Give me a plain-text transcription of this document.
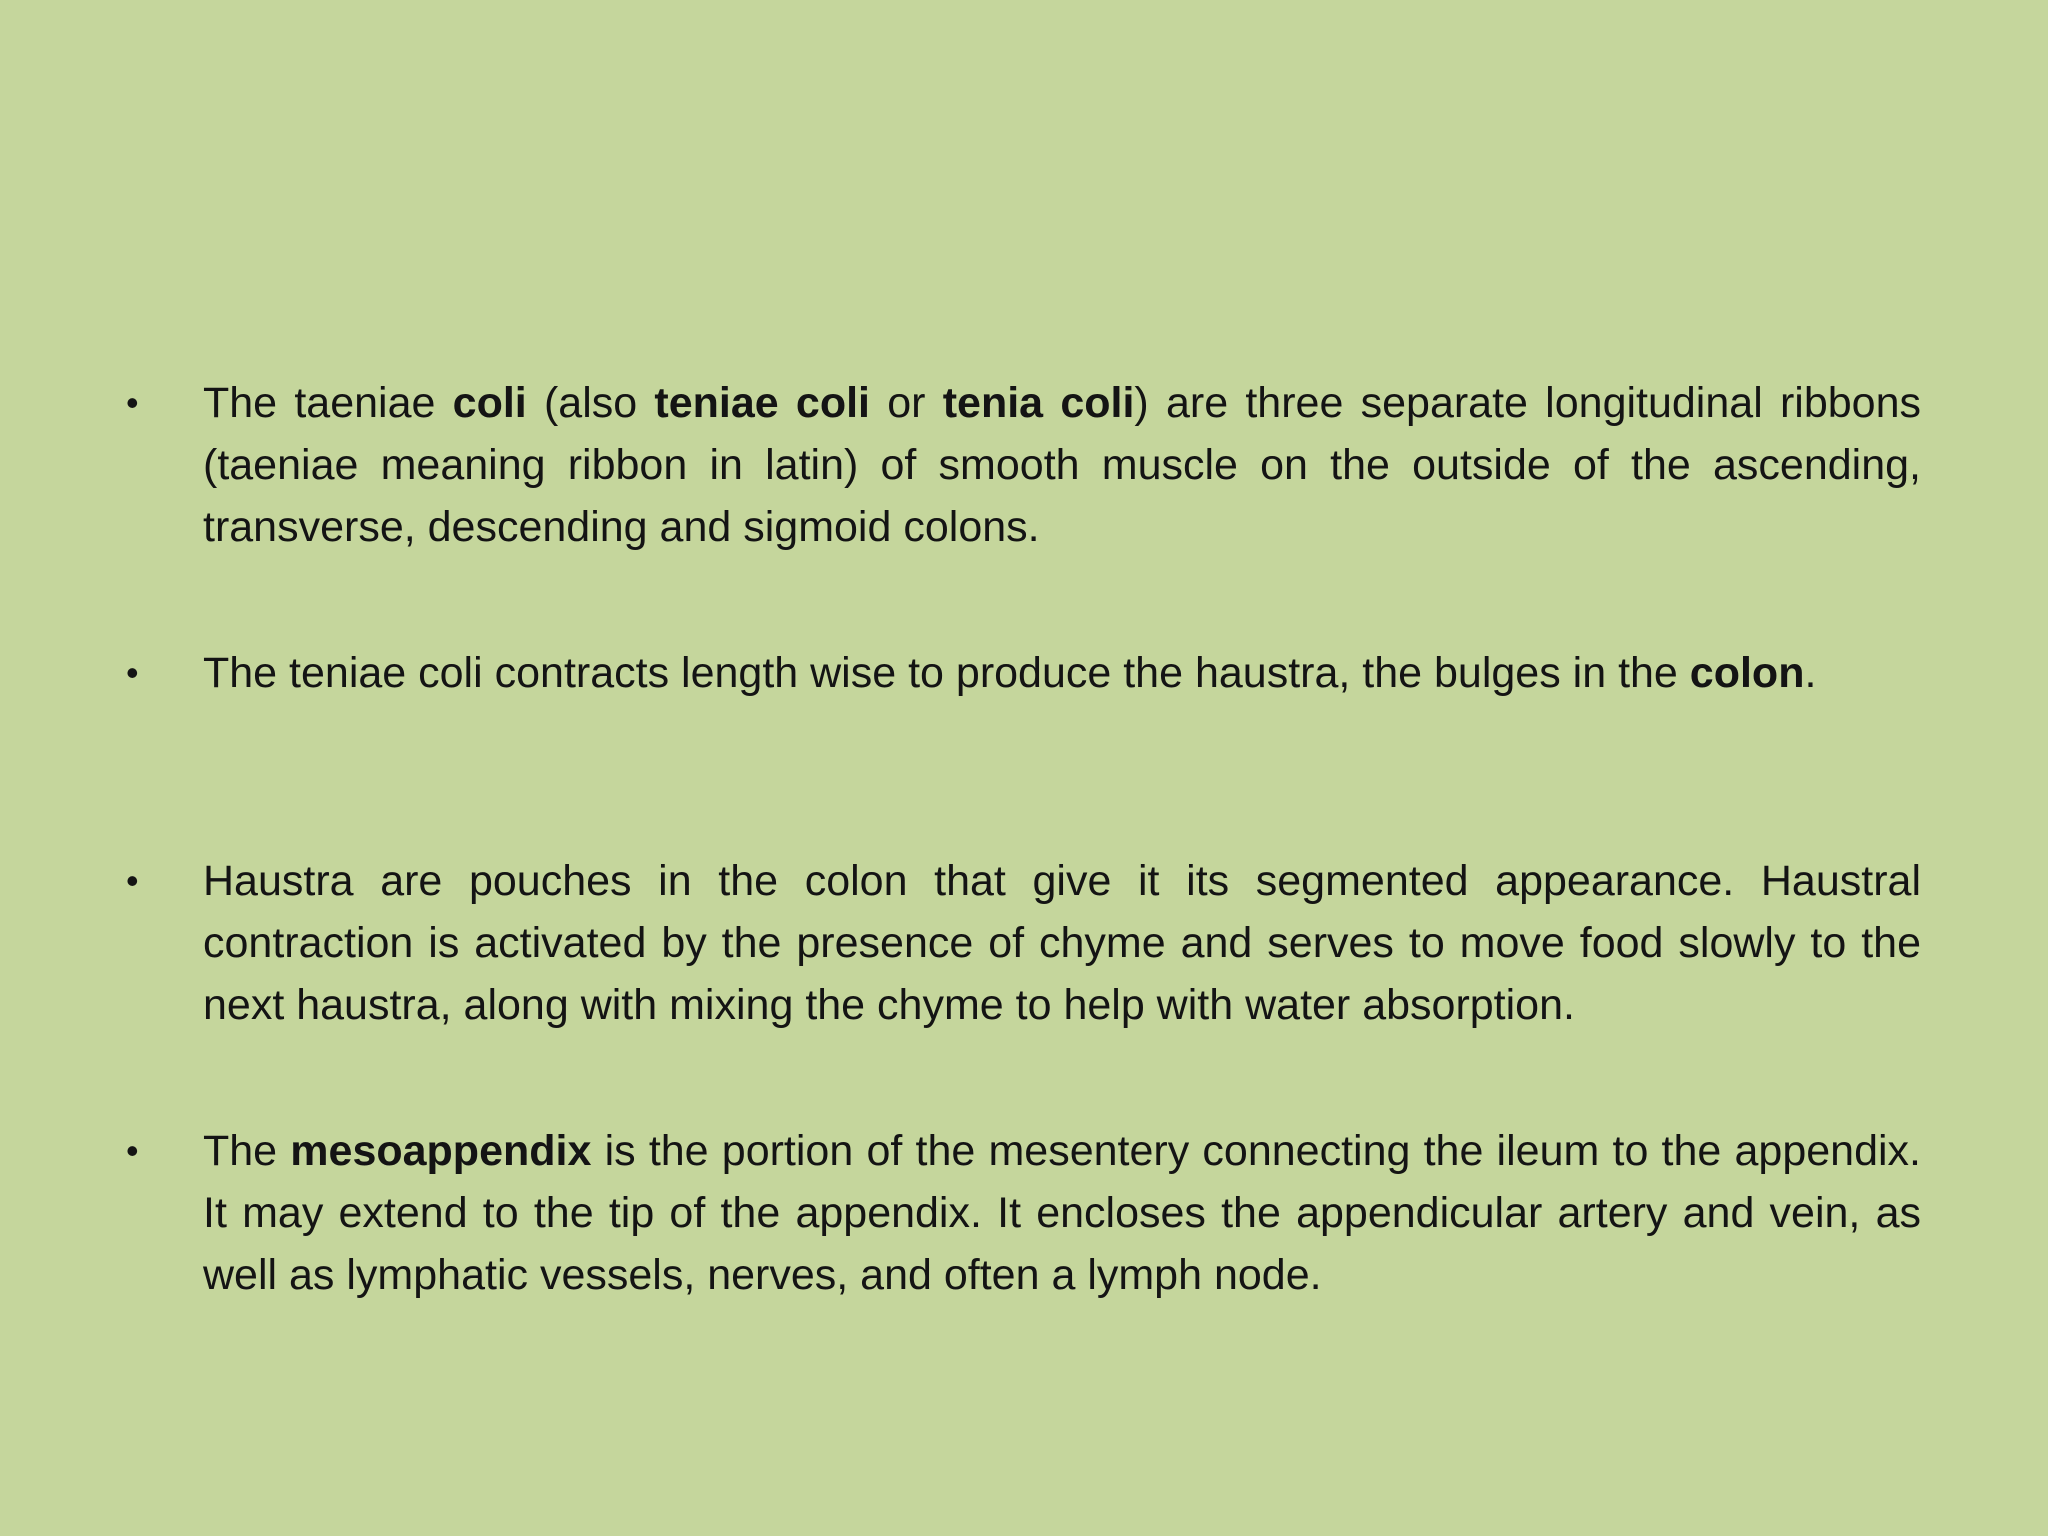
• The taeniae coli (also teniae coli or tenia coli) are three separate longitudinal ribbons (taeniae meaning ribbon in latin) of smooth muscle on the outside of the ascending, transverse, descending and sigmoid colons.

• The teniae coli contracts length wise to produce the haustra, the bulges in the colon.

• Haustra are pouches in the colon that give it its segmented appearance. Haustral contraction is activated by the presence of chyme and serves to move food slowly to the next haustra, along with mixing the chyme to help with water absorption.

• The mesoappendix is the portion of the mesentery connecting the ileum to the appendix. It may extend to the tip of the appendix. It encloses the appendicular artery and vein, as well as lymphatic vessels, nerves, and often a lymph node.
